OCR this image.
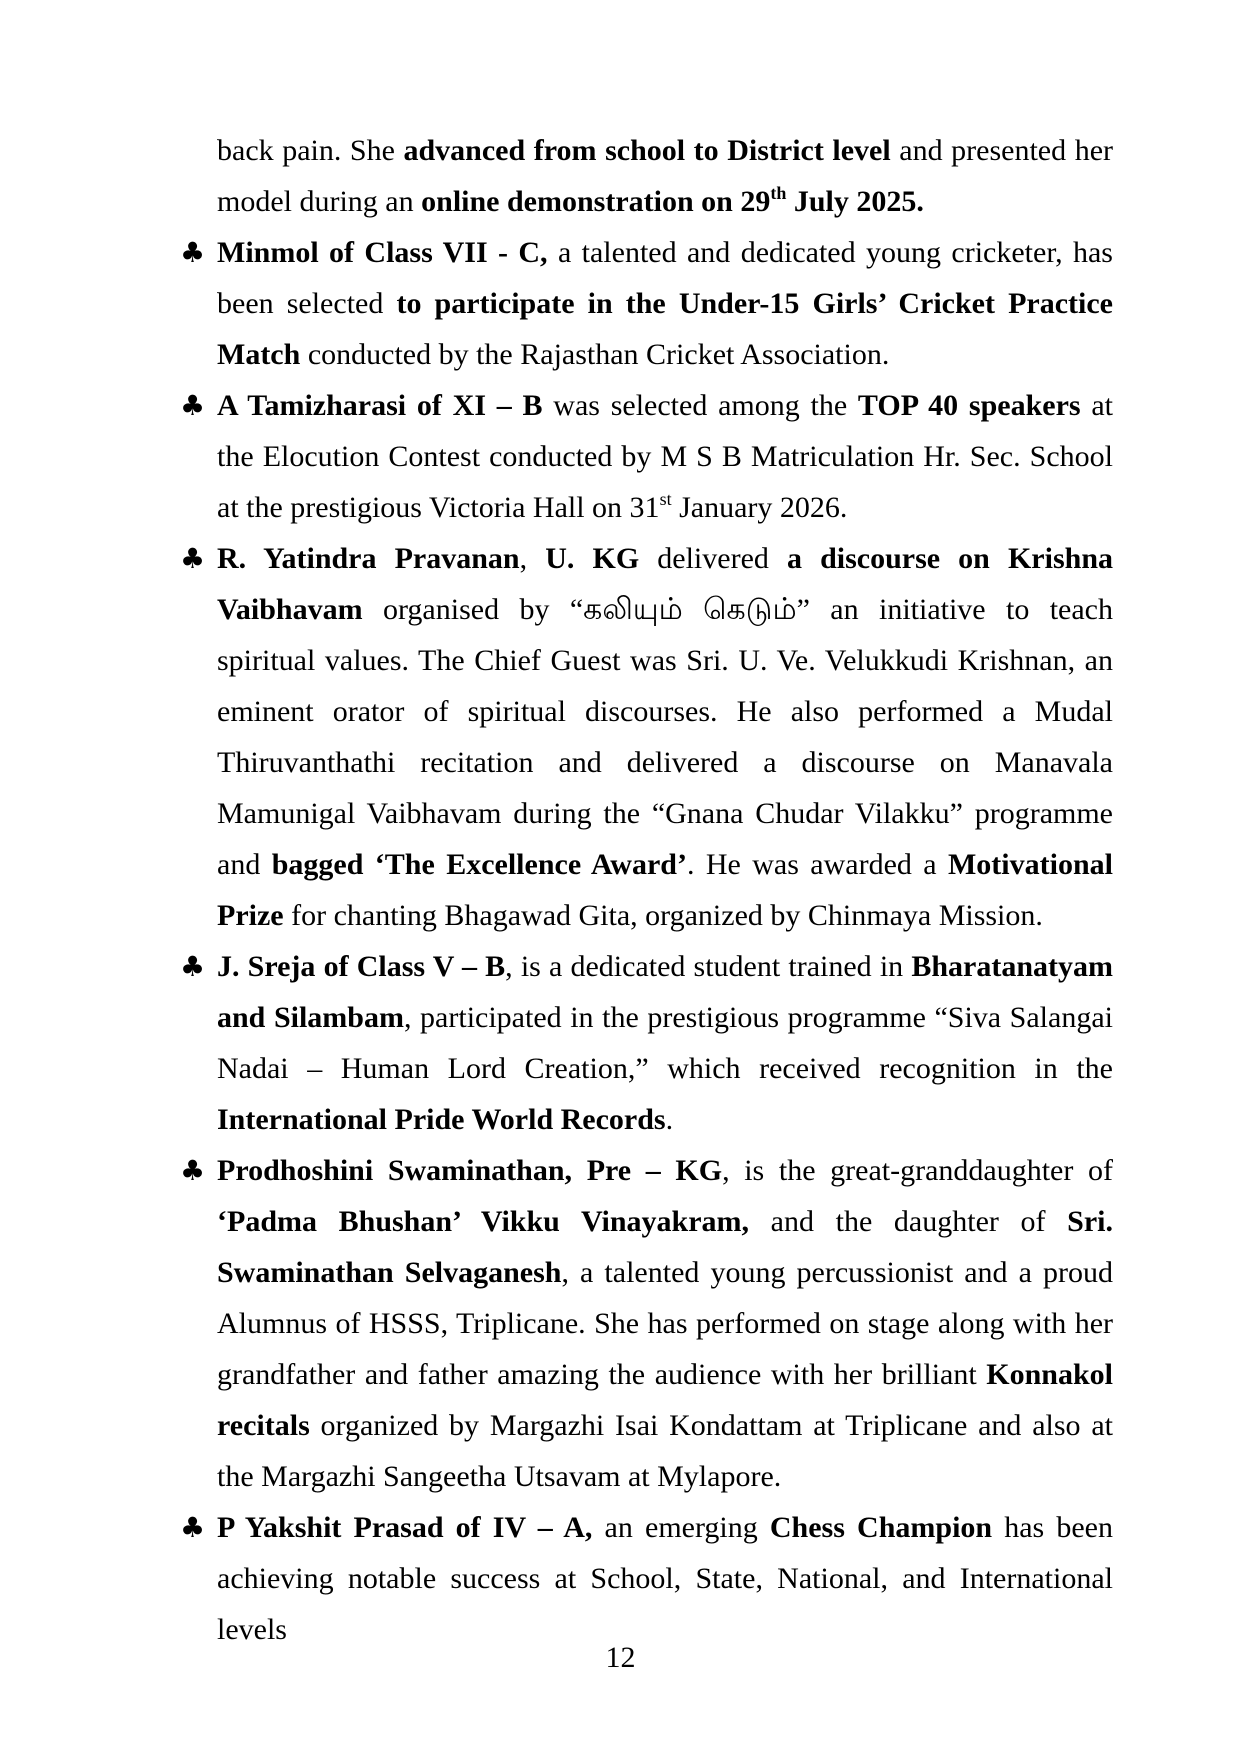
back pain. She advanced from school to District level and presented her model during an online demonstration on 29th July 2025.
♣ Minmol of Class VII - C, a talented and dedicated young cricketer, has been selected to participate in the Under-15 Girls’ Cricket Practice Match conducted by the Rajasthan Cricket Association.
♣ A Tamizharasi of XI – B was selected among the TOP 40 speakers at the Elocution Contest conducted by M S B Matriculation Hr. Sec. School at the prestigious Victoria Hall on 31st January 2026.
♣ R. Yatindra Pravanan, U. KG delivered a discourse on Krishna Vaibhavam organised by “கலியும் கெடும்” an initiative to teach spiritual values. The Chief Guest was Sri. U. Ve. Velukkudi Krishnan, an eminent orator of spiritual discourses. He also performed a Mudal Thiruvanthathi recitation and delivered a discourse on Manavala Mamunigal Vaibhavam during the “Gnana Chudar Vilakku” programme and bagged ‘The Excellence Award’. He was awarded a Motivational Prize for chanting Bhagawad Gita, organized by Chinmaya Mission.
♣ J. Sreja of Class V – B, is a dedicated student trained in Bharatanatyam and Silambam, participated in the prestigious programme “Siva Salangai Nadai – Human Lord Creation,” which received recognition in the International Pride World Records.
♣ Prodhoshini Swaminathan, Pre – KG, is the great-granddaughter of ‘Padma Bhushan’ Vikku Vinayakram, and the daughter of Sri. Swaminathan Selvaganesh, a talented young percussionist and a proud Alumnus of HSSS, Triplicane. She has performed on stage along with her grandfather and father amazing the audience with her brilliant Konnakol recitals organized by Margazhi Isai Kondattam at Triplicane and also at the Margazhi Sangeetha Utsavam at Mylapore.
♣ P Yakshit Prasad of IV – A, an emerging Chess Champion has been achieving notable success at School, State, National, and International levels
12
